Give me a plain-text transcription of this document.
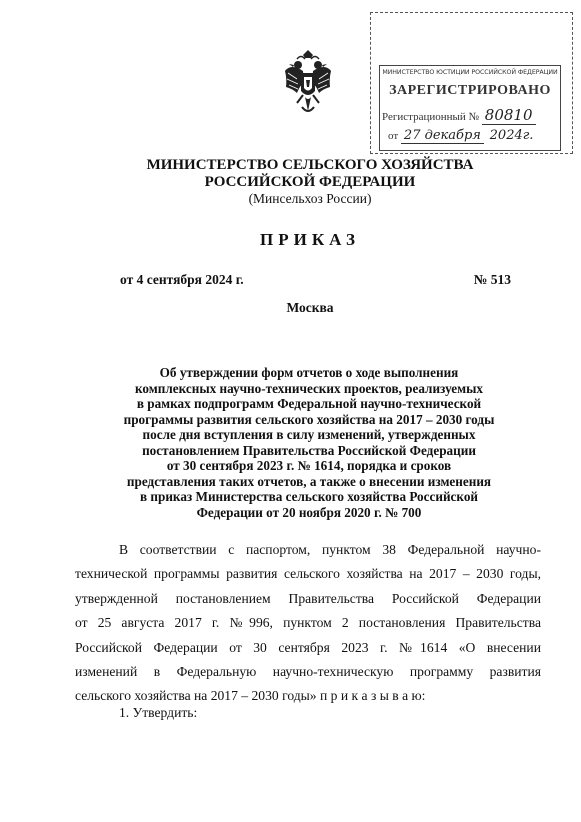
МИНИСТЕРСТВО ЮСТИЦИИ РОССИЙСКОЙ ФЕДЕРАЦИИ
ЗАРЕГИСТРИРОВАНО
Регистрационный № 80810
от 27 декабря 2024г.
МИНИСТЕРСТВО СЕЛЬСКОГО ХОЗЯЙСТВА
РОССИЙСКОЙ ФЕДЕРАЦИИ
(Минсельхоз России)
ПРИКАЗ
от 4 сентября 2024 г.	№ 513
Москва
Об утверждении форм отчетов о ходе выполнения
комплексных научно-технических проектов, реализуемых
в рамках подпрограмм Федеральной научно-технической
программы развития сельского хозяйства на 2017 – 2030 годы
после дня вступления в силу изменений, утвержденных
постановлением Правительства Российской Федерации
от 30 сентября 2023 г. № 1614, порядка и сроков
представления таких отчетов, а также о внесении изменения
в приказ Министерства сельского хозяйства Российской
Федерации от 20 ноября 2020 г. № 700
В соответствии с паспортом, пунктом 38 Федеральной научно-
технической программы развития сельского хозяйства на 2017 – 2030 годы,
утвержденной постановлением Правительства Российской Федерации
от 25 августа 2017 г. №996, пунктом 2 постановления Правительства
Российской Федерации от 30 сентября 2023 г. №1614 «О внесении
изменений в Федеральную научно-техническую программу развития
сельского хозяйства на 2017 – 2030 годы» п р и к а з ы в а ю:
1. Утвердить:
